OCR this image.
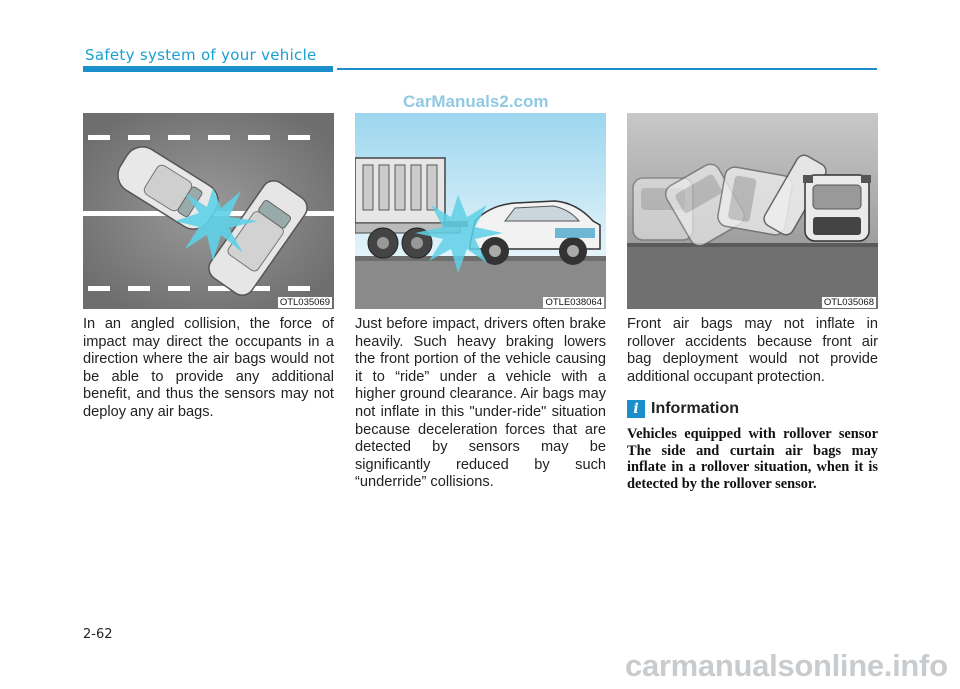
Safety system of your vehicle
CarManuals2.com
OTL035069	OTLE038064	OTL035068
In an angled collision, the force of impact may direct the occupants in a direction where the air bags would not be able to provide any additional benefit, and thus the sensors may not deploy any air bags.
Just before impact, drivers often brake heavily. Such heavy braking lowers the front portion of the vehicle causing it to “ride” under a vehicle with a higher ground clearance. Air bags may not inflate in this "under-ride" situation because deceleration forces that are detected by sensors may be significantly reduced by such “underride” collisions.
Front air bags may not inflate in rollover accidents because front air bag deployment would not provide additional occupant protection.
i Information
Vehicles equipped with rollover sensor The side and curtain air bags may inflate in a rollover situation, when it is detected by the rollover sensor.
2-62
carmanualsonline.info
